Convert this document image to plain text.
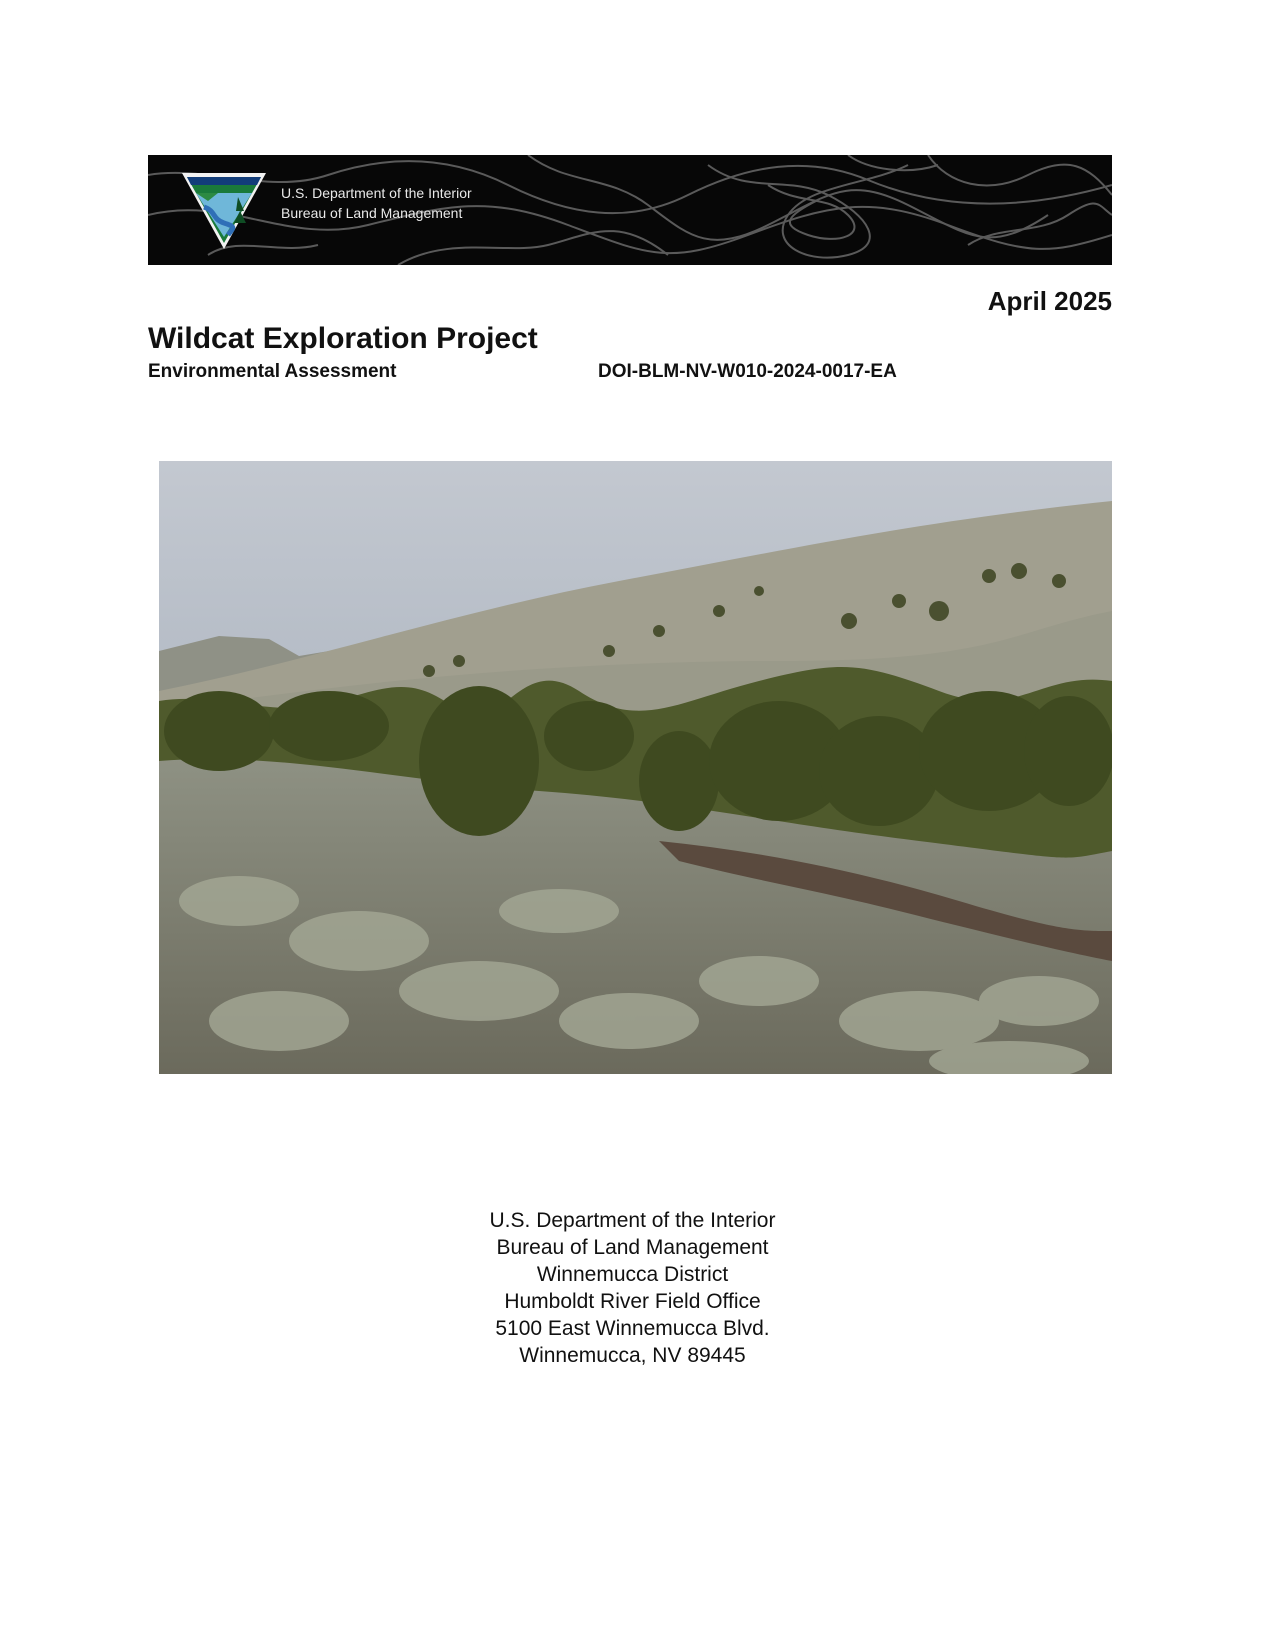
U.S. Department of the Interior
Bureau of Land Management
April 2025
Wildcat Exploration Project
Environmental Assessment	DOI-BLM-NV-W010-2024-0017-EA
U.S. Department of the Interior
Bureau of Land Management
Winnemucca District
Humboldt River Field Office
5100 East Winnemucca Blvd.
Winnemucca, NV 89445
